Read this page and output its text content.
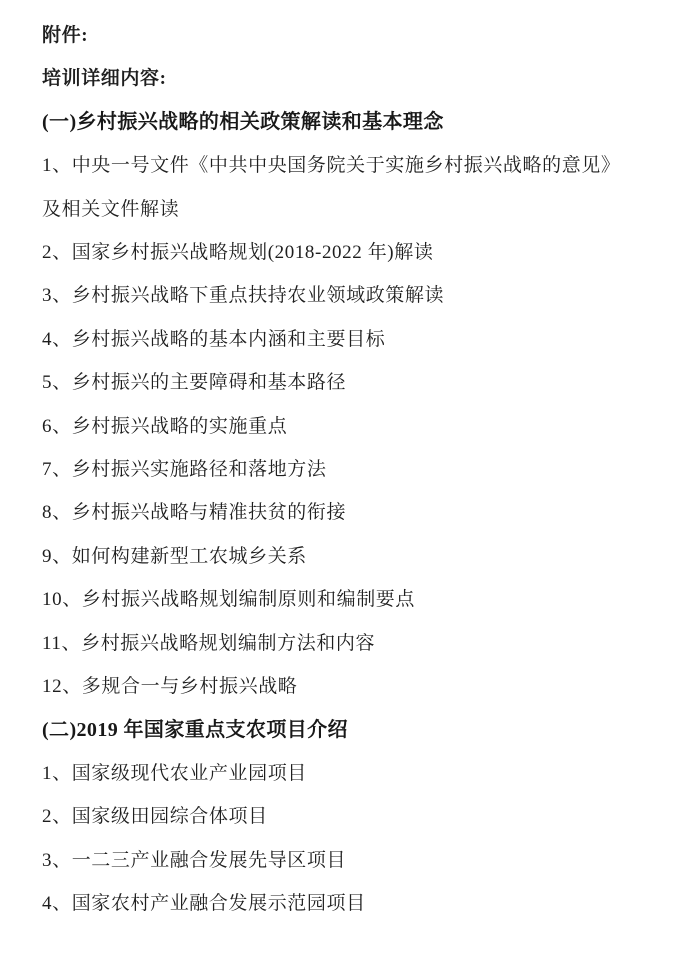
附件:

培训详细内容:

(一)乡村振兴战略的相关政策解读和基本理念

1、中央一号文件《中共中央国务院关于实施乡村振兴战略的意见》

及相关文件解读

2、国家乡村振兴战略规划(2018-2022 年)解读

3、乡村振兴战略下重点扶持农业领域政策解读

4、乡村振兴战略的基本内涵和主要目标

5、乡村振兴的主要障碍和基本路径

6、乡村振兴战略的实施重点

7、乡村振兴实施路径和落地方法

8、乡村振兴战略与精准扶贫的衔接

9、如何构建新型工农城乡关系

10、乡村振兴战略规划编制原则和编制要点

11、乡村振兴战略规划编制方法和内容

12、多规合一与乡村振兴战略

(二)2019 年国家重点支农项目介绍

1、国家级现代农业产业园项目

2、国家级田园综合体项目

3、一二三产业融合发展先导区项目

4、国家农村产业融合发展示范园项目
